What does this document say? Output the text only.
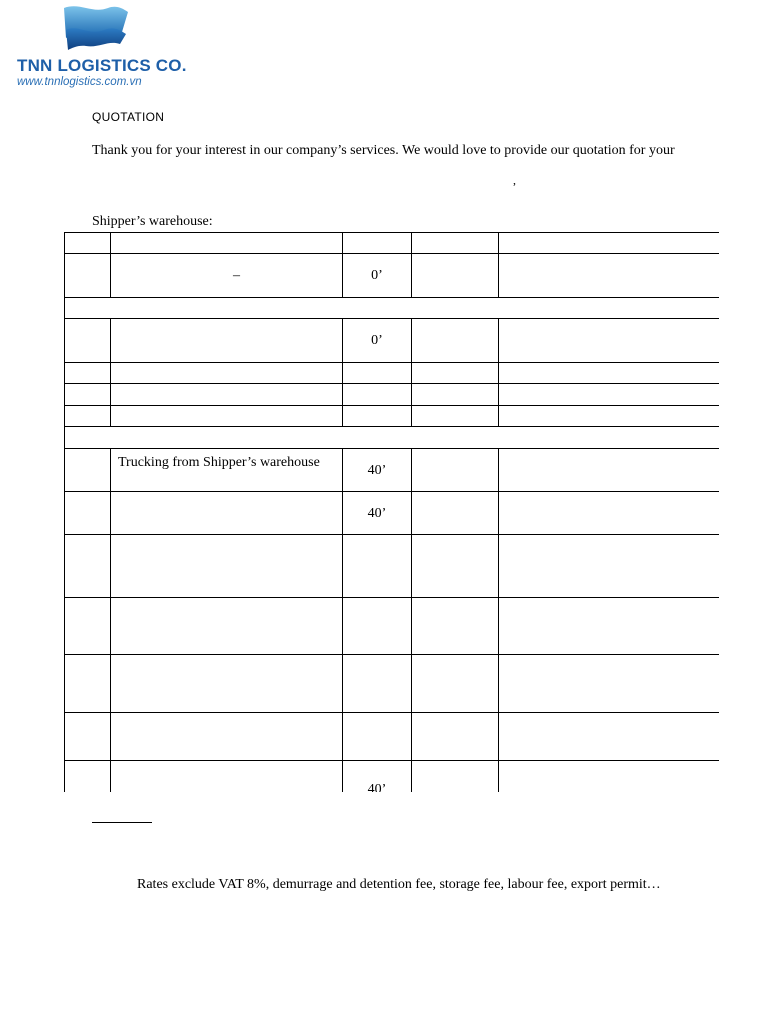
TNN LOGISTICS CO.
www.tnnlogistics.com.vn
QUOTATION
Thank you for your interest in our company’s services. We would love to provide our quotation for your
,
Shipper’s warehouse:

	–	0’		

		0’		

	Trucking from Shipper’s warehouse	40’		

		40’		

		40’		

Rates exclude VAT 8%, demurrage and detention fee, storage fee, labour fee, export permit…
